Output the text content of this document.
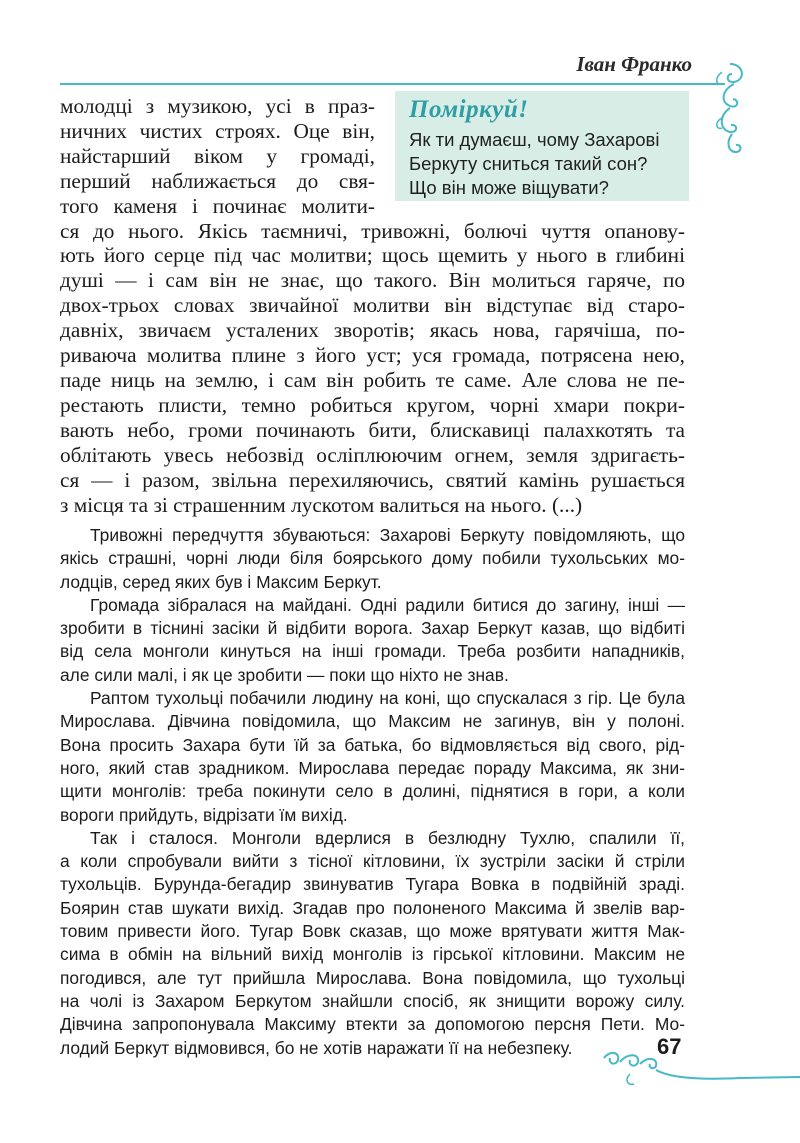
Іван Франко

Поміркуй!

Як ти думаєш, чому Захарові
Беркуту сниться такий сон?
Що він може віщувати?

молодці з музикою, усі в праз-
ничних чистих строях. Оце він,
найстарший віком у громаді,
перший наближається до свя-
того каменя і починає молити-
ся до нього. Якісь таємничі, тривожні, болючі чуття опанову-
ють його серце під час молитви; щось щемить у нього в глибині
душі — і сам він не знає, що такого. Він молиться гаряче, по
двох-трьох словах звичайної молитви він відступає від старо-
давніх, звичаєм усталених зворотів; якась нова, гарячіша, по-
риваюча молитва плине з його уст; уся громада, потрясена нею,
паде ниць на землю, і сам він робить те саме. Але слова не пе-
рестають плисти, темно робиться кругом, чорні хмари покри-
вають небо, громи починають бити, блискавиці палахкотять та
облітають увесь небозвід осліплюючим огнем, земля здригаєть-
ся — і разом, звільна перехиляючись, святий камінь рушається
з місця та зі страшенним лускотом валиться на нього. (...)

Тривожні передчуття збуваються: Захарові Беркуту повідомляють, що
якісь страшні, чорні люди біля боярського дому побили тухольських мо-
лодців, серед яких був і Максим Беркут.
Громада зібралася на майдані. Одні радили битися до загину, інші —
зробити в тіснині засіки й відбити ворога. Захар Беркут казав, що відбиті
від села монголи кинуться на інші громади. Треба розбити нападників,
але сили малі, і як це зробити — поки що ніхто не знав.
Раптом тухольці побачили людину на коні, що спускалася з гір. Це була
Мирослава. Дівчина повідомила, що Максим не загинув, він у полоні.
Вона просить Захара бути їй за батька, бо відмовляється від свого, рід-
ного, який став зрадником. Мирослава передає пораду Максима, як зни-
щити монголів: треба покинути село в долині, піднятися в гори, а коли
вороги прийдуть, відрізати їм вихід.
Так і сталося. Монголи вдерлися в безлюдну Тухлю, спалили її,
а коли спробували вийти з тісної кітловини, їх зустріли засіки й стріли
тухольців. Бурунда-бегадир звинуватив Тугара Вовка в подвійній зраді.
Боярин став шукати вихід. Згадав про полоненого Максима й звелів вар-
товим привести його. Тугар Вовк сказав, що може врятувати життя Мак-
сима в обмін на вільний вихід монголів із гірської кітловини. Максим не
погодився, але тут прийшла Мирослава. Вона повідомила, що тухольці
на чолі із Захаром Беркутом знайшли спосіб, як знищити ворожу силу.
Дівчина запропонувала Максиму втекти за допомогою персня Пети. Мо-
лодий Беркут відмовився, бо не хотів наражати її на небезпеку.	67
